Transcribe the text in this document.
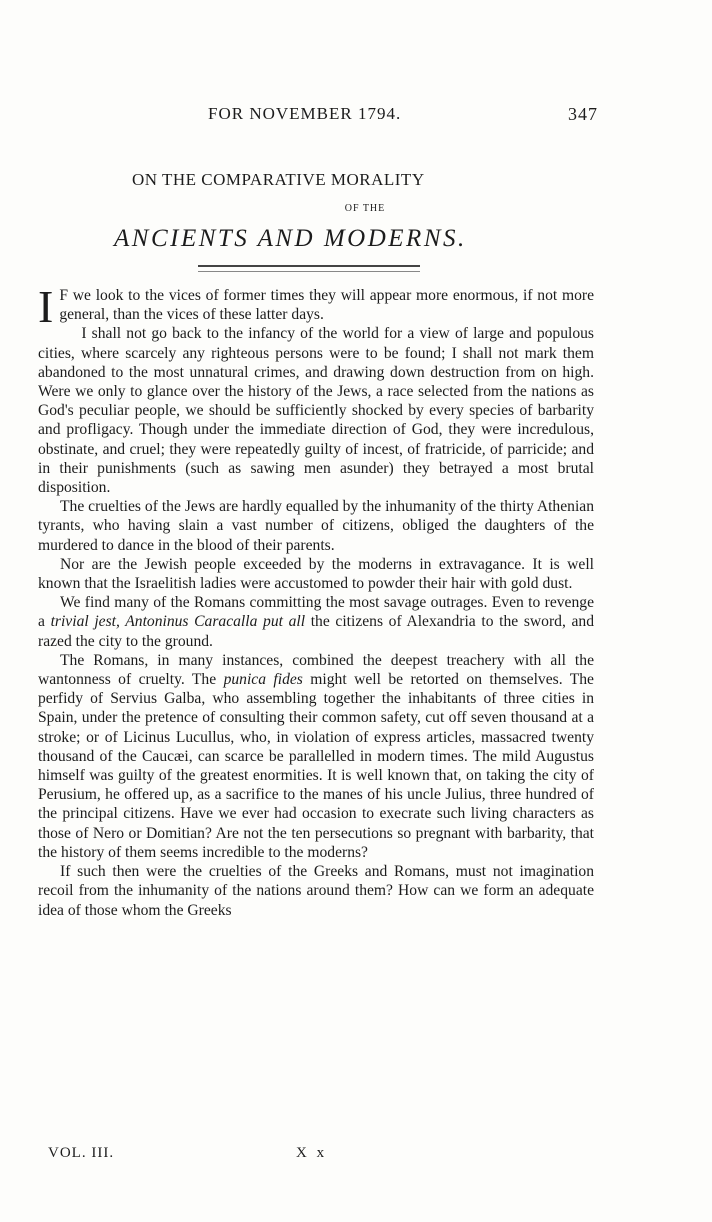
FOR NOVEMBER 1794.	347
ON THE COMPARATIVE MORALITY
OF THE
ANCIENTS AND MODERNS.

I F we look to the vices of former times they will appear more enormous, if not more general, than the vices of these latter days.

I shall not go back to the infancy of the world for a view of large and populous cities, where scarcely any righteous persons were to be found; I shall not mark them abandoned to the most unnatural crimes, and drawing down destruction from on high. Were we only to glance over the history of the Jews, a race selected from the nations as God's peculiar people, we should be sufficiently shocked by every species of barbarity and profligacy. Though under the immediate direction of God, they were incredulous, obstinate, and cruel; they were repeatedly guilty of incest, of fratricide, of parricide; and in their punishments (such as sawing men asunder) they betrayed a most brutal disposition.

The cruelties of the Jews are hardly equalled by the inhumanity of the thirty Athenian tyrants, who having slain a vast number of citizens, obliged the daughters of the murdered to dance in the blood of their parents.

Nor are the Jewish people exceeded by the moderns in extravagance. It is well known that the Israelitish ladies were accustomed to powder their hair with gold dust.

We find many of the Romans committing the most savage outrages. Even to revenge a trivial jest, Antoninus Caracalla put all the citizens of Alexandria to the sword, and razed the city to the ground.

The Romans, in many instances, combined the deepest treachery with all the wantonness of cruelty. The punica fides might well be retorted on themselves. The perfidy of Servius Galba, who assembling together the inhabitants of three cities in Spain, under the pretence of consulting their common safety, cut off seven thousand at a stroke; or of Licinus Lucullus, who, in violation of express articles, massacred twenty thousand of the Caucæi, can scarce be parallelled in modern times. The mild Augustus himself was guilty of the greatest enormities. It is well known that, on taking the city of Perusium, he offered up, as a sacrifice to the manes of his uncle Julius, three hundred of the principal citizens. Have we ever had occasion to execrate such living characters as those of Nero or Domitian? Are not the ten persecutions so pregnant with barbarity, that the history of them seems incredible to the moderns?

If such then were the cruelties of the Greeks and Romans, must not imagination recoil from the inhumanity of the nations around them? How can we form an adequate idea of those whom the Greeks

VOL. III.	X x
